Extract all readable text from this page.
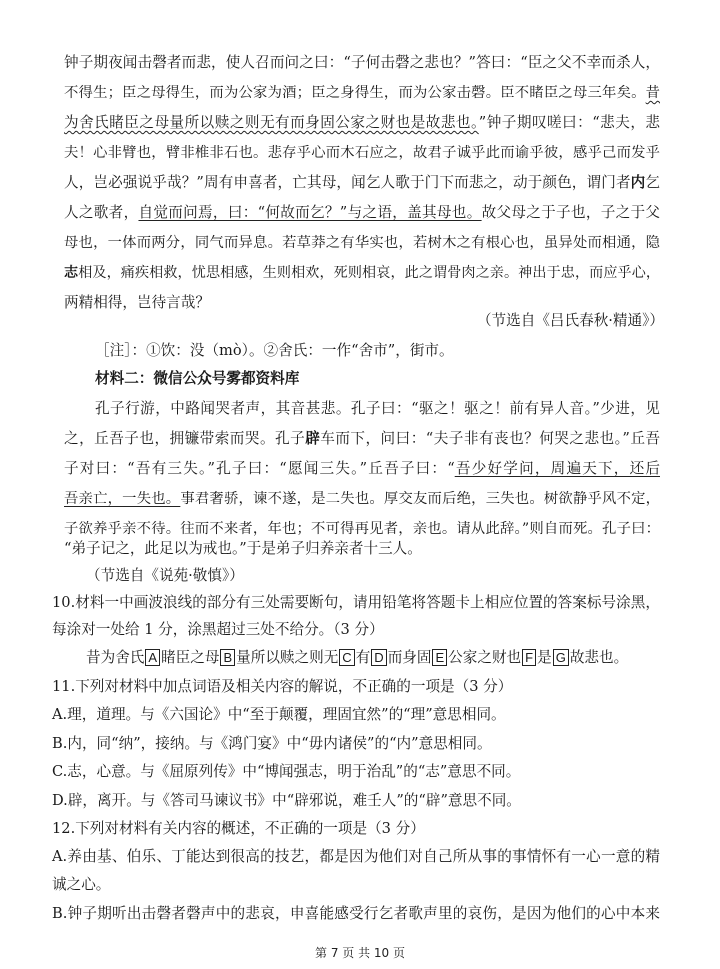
钟子期夜闻击磬者而悲，使人召而问之曰：“子何击磬之悲也？”答曰：“臣之父不幸而杀人，
不得生；臣之母得生，而为公家为酒；臣之身得生，而为公家击磬。臣不睹臣之母三年矣。昔
为舍氏睹臣之母量所以赎之则无有而身固公家之财也是故悲也。”钟子期叹嗟曰：“悲夫，悲
夫！心非臂也，臂非椎非石也。悲存乎心而木石应之，故君子诚乎此而谕乎彼，感乎己而发乎
人，岂必强说乎哉？”周有申喜者，亡其母，闻乞人歌于门下而悲之，动于颜色，谓门者内乞
人之歌者，自觉而问焉，曰：“何故而乞？”与之语，盖其母也。故父母之于子也，子之于父
母也，一体而两分，同气而异息。若草莽之有华实也，若树木之有根心也，虽异处而相通，隐
志相及，痛疾相救，忧思相感，生则相欢，死则相哀，此之谓骨肉之亲。神出于忠，而应乎心，
两精相得，岂待言哉？
（节选自《吕氏春秋·精通》）
［注］：①饮：没（mò）。②舍氏：一作“舍市”，街市。
材料二：微信公众号雾都资料库
孔子行游，中路闻哭者声，其音甚悲。孔子曰：“驱之！驱之！前有异人音。”少进，见
之，丘吾子也，拥镰带索而哭。孔子辟车而下，问曰：“夫子非有丧也？何哭之悲也。”丘吾
子对曰：“吾有三失。”孔子曰：“愿闻三失。”丘吾子曰：“吾少好学问，周遍天下，还后
吾亲亡，一失也。事君奢骄，谏不遂，是二失也。厚交友而后绝，三失也。树欲静乎风不定，
子欲养乎亲不待。往而不来者，年也；不可得再见者，亲也。请从此辞。”则自而死。孔子曰：
“弟子记之，此足以为戒也。”于是弟子归养亲者十三人。
（节选自《说苑·敬慎》）
10.材料一中画波浪线的部分有三处需要断句，请用铅笔将答题卡上相应位置的答案标号涂黑，
每涂对一处给 1 分，涂黑超过三处不给分。（3 分）
昔为舍氏 A 睹臣之母 B 量所以赎之则无 C 有 D 而身固 E 公家之财也 F 是 G 故悲也。
11.下列对材料中加点词语及相关内容的解说，不正确的一项是（3 分）
A.理，道理。与《六国论》中“至于颠覆，理固宜然”的“理”意思相同。
B.内，同“纳”，接纳。与《鸿门宴》中“毋内诸侯”的“内”意思相同。
C.志，心意。与《屈原列传》中“博闻强志，明于治乱”的“志”意思不同。
D.辟，离开。与《答司马谏议书》中“辟邪说，难壬人”的“辟”意思不同。
12.下列对材料有关内容的概述，不正确的一项是（3 分）
A.养由基、伯乐、丁能达到很高的技艺，都是因为他们对自己所从事的事情怀有一心一意的精
诚之心。
B.钟子期听出击磬者磬声中的悲哀，申喜能感受行乞者歌声里的哀伤，是因为他们的心中本来
第 7 页 共 10 页
